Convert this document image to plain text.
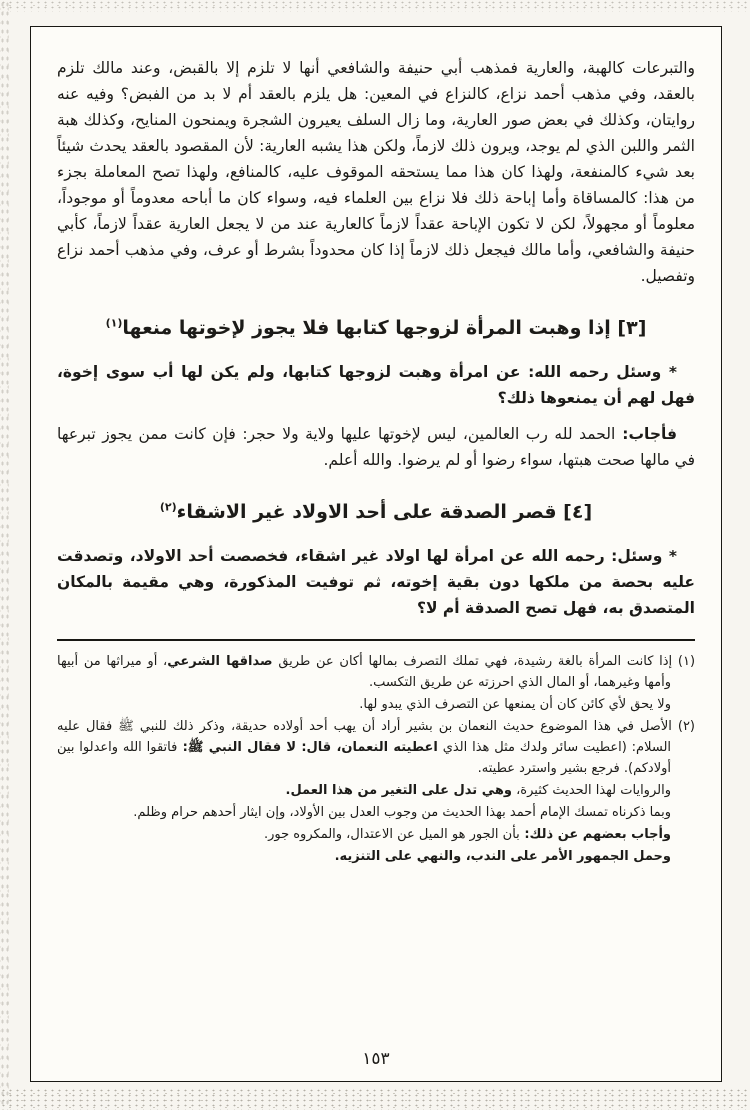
والتبرعات كالهبة، والعارية فمذهب أبي حنيفة والشافعي أنها لا تلزم إلا بالقبض، وعند مالك تلزم بالعقد، وفي مذهب أحمد نزاع، كالنزاع في المعين: هل يلزم بالعقد أم لا بد من الفبض؟ وفيه عنه روايتان، وكذلك في بعض صور العارية، وما زال السلف يعيرون الشجرة ويمنحون المنايح، وكذلك هبة الثمر واللبن الذي لم يوجد، ويرون ذلك لازماً، ولكن هذا يشبه العارية: لأن المقصود بالعقد يحدث شيئاً بعد شيء كالمنفعة، ولهذا كان هذا مما يستحقه الموقوف عليه، كالمنافع، ولهذا تصح المعاملة بجزء من هذا: كالمساقاة وأما إباحة ذلك فلا نزاع بين العلماء فيه، وسواء كان ما أباحه معدوماً أو موجوداً، معلوماً أو مجهولاً، لكن لا تكون الإباحة عقداً لازماً كالعارية عند من لا يجعل العارية عقداً لازماً، كأبي حنيفة والشافعي، وأما مالك فيجعل ذلك لازماً إذا كان محدوداً بشرط أو عرف، وفي مذهب أحمد نزاع وتفصيل.

[٣] إذا وهبت المرأة لزوجها كتابها فلا يجوز لإخوتها منعها$^{(١)}$

* وسئل رحمه الله: عن امرأة وهبت لزوجها كتابها، ولم يكن لها أب سوى إخوة، فهل لهم أن يمنعوها ذلك؟

فأجاب: الحمد لله رب العالمين، ليس لإخوتها عليها ولاية ولا حجر: فإن كانت ممن يجوز تبرعها في مالها صحت هبتها، سواء رضوا أو لم يرضوا. والله أعلم.

[٤] قصر الصدقة على أحد الاولاد غير الاشقاء$^{(٢)}$

* وسئل: رحمه الله عن امرأة لها اولاد غير اشقاء، فخصصت أحد الاولاد، وتصدقت عليه بحصة من ملكها دون بقية إخوته، ثم توفيت المذكورة، وهي مقيمة بالمكان المتصدق به، فهل تصح الصدقة أم لا؟

(١) إذا كانت المرأة بالغة رشيدة، فهي تملك التصرف بمالها أكان عن طريق صداقها الشرعي، أو ميراثها من أبيها وأمها وغيرهما، أو المال الذي احرزته عن طريق التكسب.

ولا يحق لأي كائن كان أن يمنعها عن التصرف الذي يبدو لها.

(٢) الأصل في هذا الموضوع حديث النعمان بن بشير أراد أن يهب أحد أولاده حديقة، وذكر ذلك للنبي ﷺ فقال عليه السلام: (اعطيت سائر ولدك مثل هذا الذي اعطيته النعمان، قال: لا فقال النبي ﷺ: فاتقوا الله واعدلوا بين أولادكم). فرجع بشير واسترد عطيته.

والروايات لهذا الحديث كثيرة، وهي تدل على التغير من هذا العمل.

وبما ذكرناه تمسك الإمام أحمد بهذا الحديث من وجوب العدل بين الأولاد، وإن ايثار أحدهم حرام وظلم.

وأجاب بعضهم عن ذلك: بأن الجور هو الميل عن الاعتدال، والمكروه جور.

وحمل الجمهور الأمر على الندب، والنهي على التنزيه.

١٥٣
